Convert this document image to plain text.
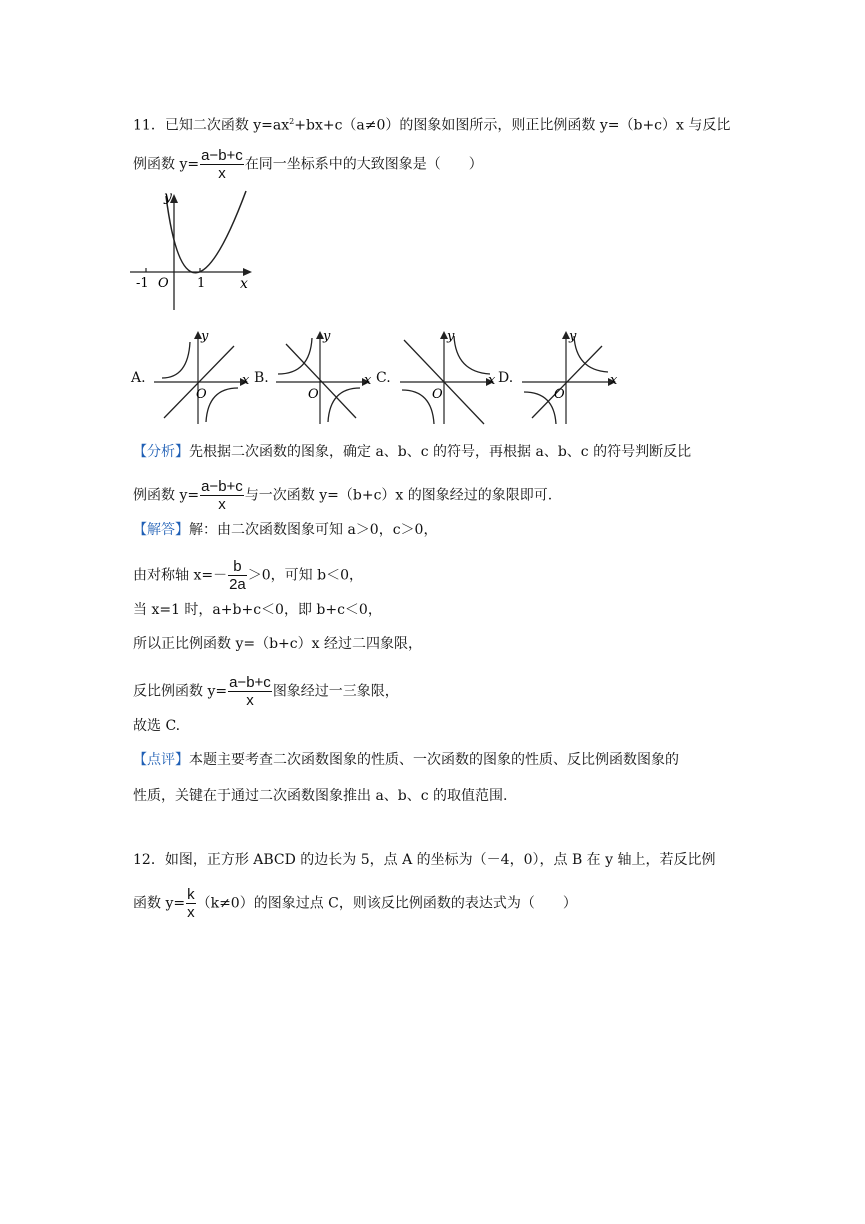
11．已知二次函数 $y=ax^2+bx+c(a\ne 0)$的图象如图所示，则正比例函数 y=（b+c）x 与反比
例函数 $y= \frac{a-b+c}{x}$ 在同一坐标系中的大致图象是（　　）
y
x
O
-1	1
A.	B.	C.	D.
y
x
O
y
x
O
y
x
O
y
x
O
【分析】先根据二次函数的图象，确定 a、b、c 的符号，再根据 a、b、c 的符号判断反比
例函数 $y= \frac{a-b+c}{x}$ 与一次函数 y=（b+c）x 的图象经过的象限即可.
【解答】解：由二次函数图象可知 a＞0，c＞0，
由对称轴 $x=- \frac{b}{2a} >0$，可知 b＜0，
当 x=1 时，a+b+c＜0，即 b+c＜0，
所以正比例函数 y=（b+c）x 经过二四象限，
反比例函数 $y= \frac{a-b+c}{x}$ 图象经过一三象限，
故选 C.
【点评】本题主要考查二次函数图象的性质、一次函数的图象的性质、反比例函数图象的
性质，关键在于通过二次函数图象推出 a、b、c 的取值范围.
12．如图，正方形 ABCD 的边长为 5，点 A 的坐标为（－4，0），点 B 在 y 轴上，若反比例
函数 $y= \frac{k}{x} (k\ne 0)$的图象过点 C，则该反比例函数的表达式为（　　）
